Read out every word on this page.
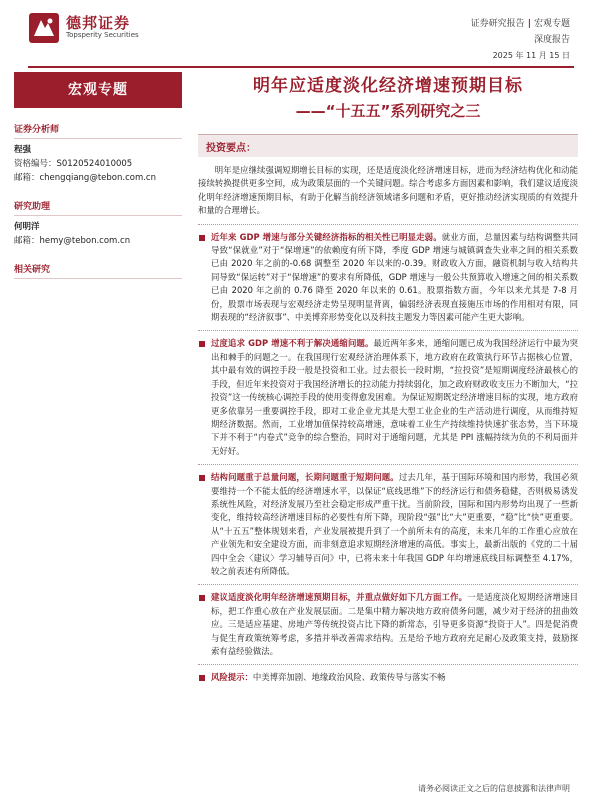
德邦证券
Topsperity Securities
证券研究报告 | 宏观专题
深度报告
2025 年 11 月 15 日
宏观专题
证券分析师
程强
资格编号：S0120524010005
邮箱：chengqiang@tebon.com.cn
研究助理
何明洋
邮箱：hemy@tebon.com.cn
相关研究
明年应适度淡化经济增速预期目标
——“十五五”系列研究之三
投资要点：

明年是应继续强调短期增长目标的实现，还是适度淡化经济增速目标，进而为经济结构优化和动能接续转换提供更多空间，成为政策层面的一个关键问题。综合考虑多方面因素和影响，我们建议适度淡化明年经济增速预期目标，有助于化解当前经济领域诸多问题和矛盾，更好推动经济实现质的有效提升和量的合理增长。

近年来 GDP 增速与部分关键经济指标的相关性已明显走弱。就业方面，总量因素与结构调整共同导致“保就业”对于“保增速”的依赖度有所下降，季度 GDP 增速与城镇调查失业率之间的相关系数已由 2020 年之前的-0.68 调整至 2020 年以来的-0.39。财政收入方面，融资机制与收入结构共同导致“保运转”对于“保增速”的要求有所降低，GDP 增速与一般公共预算收入增速之间的相关系数已由 2020 年之前的 0.76 降至 2020 年以来的 0.61。股票指数方面，今年以来尤其是 7-8 月份，股票市场表现与宏观经济走势呈现明显背离，偏弱经济表现直接施压市场的作用相对有限，同期表现的“经济叙事”、中美博弈形势变化以及科技主题发力等因素可能产生更大影响。
过度追求 GDP 增速不利于解决通缩问题。最近两年多来，通缩问题已成为我国经济运行中最为突出和棘手的问题之一。在我国现行宏观经济治理体系下，地方政府在政策执行环节占据核心位置，其中最有效的调控手段一般是投资和工业。过去很长一段时期，“拉投资”是短期调度经济最核心的手段，但近年来投资对于我国经济增长的拉动能力持续弱化，加之政府财政收支压力不断加大，“拉投资”这一传统核心调控手段的使用变得愈发困难。为保证短期既定经济增速目标的实现，地方政府更多依靠另一重要调控手段，即对工业企业尤其是大型工业企业的生产活动进行调度，从而维持短期经济数据。然而，工业增加值保持较高增速，意味着工业生产持续维持快速扩张态势，当下环境下并不利于“内卷式”竞争的综合整治，同时对于通缩问题，尤其是 PPI 涨幅持续为负的不利局面并无好好。
结构问题重于总量问题，长期问题重于短期问题。过去几年，基于国际环境和国内形势，我国必须要维持一个不能太低的经济增速水平，以保证“底线思维”下的经济运行和债务稳健，否则极易诱发系统性风险，对经济发展乃至社会稳定形成严重干扰。当前阶段，国际和国内形势均出现了一些新变化，维持较高经济增速目标的必要性有所下降，现阶段“强”比“大”更重要，“稳”比“快”更重要。从“十五五”整体规划来看，产业发展被提升到了一个前所未有的高度，未来几年的工作重心应放在产业领先和安全建设方面，而非刻意追求短期经济增速的高低。事实上，最新出版的《党的二十届四中全会〈建议〉学习辅导百问》中，已将未来十年我国 GDP 年均增速底线目标调整至 4.17%，较之前表述有所降低。
建议适度淡化明年经济增速预期目标，并重点做好如下几方面工作。一是适度淡化短期经济增速目标，把工作重心放在产业发展层面。二是集中精力解决地方政府债务问题，减少对于经济的扭曲效应。三是适应基建、房地产等传统投资占比下降的新常态，引导更多资源“投资于人”。四是促消费与促生育政策统筹考虑，多措并举改善需求结构。五是给予地方政府充足耐心及政策支持，鼓励探索有益经验做法。
风险提示：中美博弈加剧、地缘政治风险、政策传导与落实不畅
请务必阅读正文之后的信息披露和法律声明
